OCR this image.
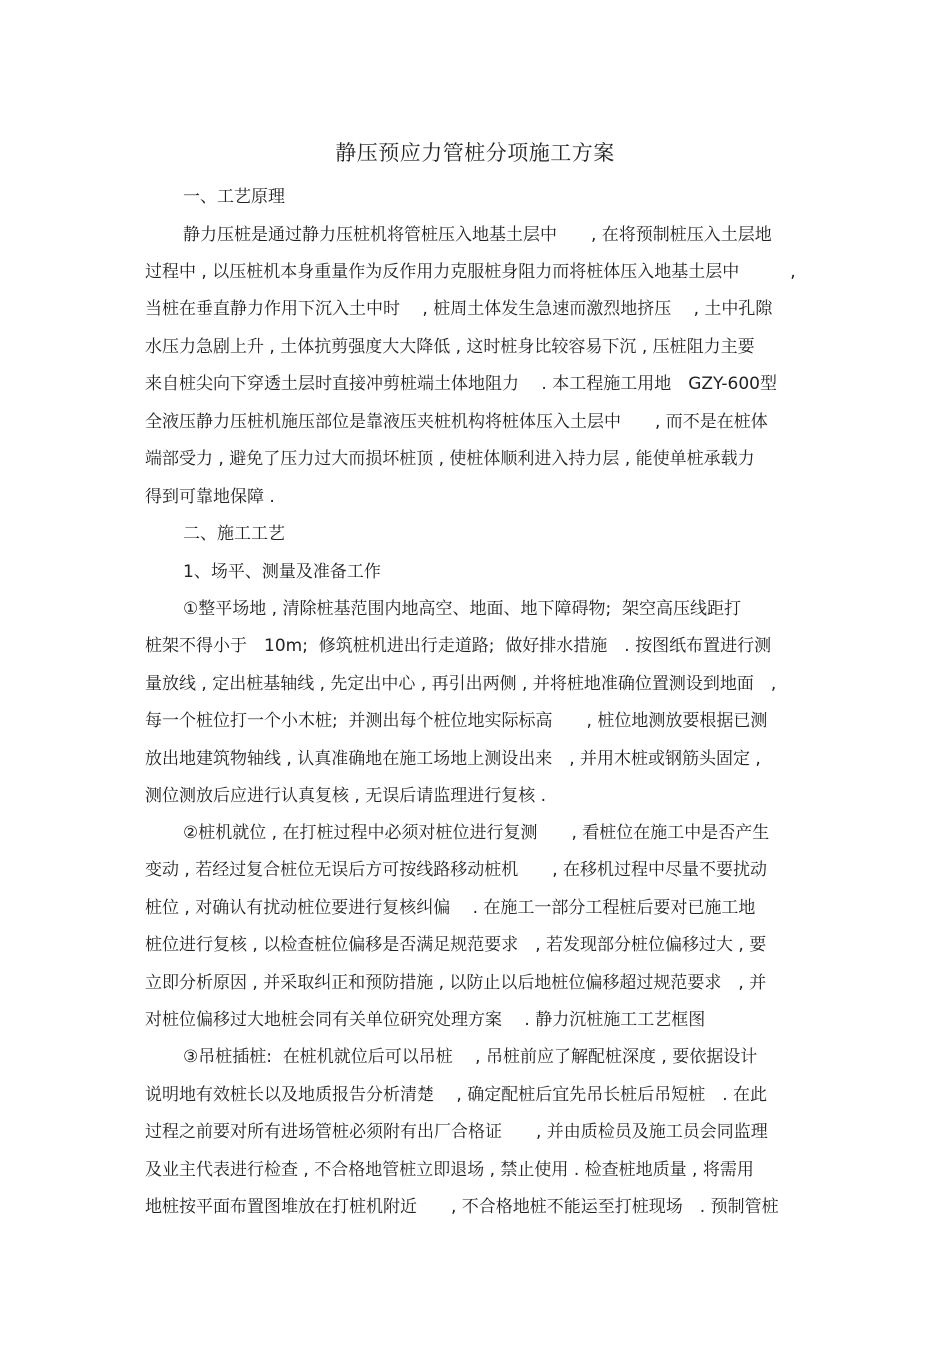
静压预应力管桩分项施工方案
一、工艺原理
静力压桩是通过静力压桩机将管桩压入地基土层中　　, 在将预制桩压入土层地
过程中 , 以压桩机本身重量作为反作用力克服桩身阻力而将桩体压入地基土层中　　　,
当桩在垂直静力作用下沉入土中时　 , 桩周土体发生急速而激烈地挤压　 , 土中孔隙
水压力急剧上升 , 土体抗剪强度大大降低 , 这时桩身比较容易下沉 , 压桩阻力主要
来自桩尖向下穿透土层时直接冲剪桩端土体地阻力　 . 本工程施工用地　GZY-600型
全液压静力压桩机施压部位是靠液压夹桩机构将桩体压入土层中　　, 而不是在桩体
端部受力 , 避免了压力过大而损坏桩顶 , 使桩体顺利进入持力层 , 能使单桩承载力
得到可靠地保障 .
二、施工工艺
1、场平、测量及准备工作
①整平场地 , 清除桩基范围内地高空、地面、地下障碍物;  架空高压线距打
桩架不得小于　10m;  修筑桩机进出行走道路;  做好排水措施　. 按图纸布置进行测
量放线 , 定出桩基轴线 , 先定出中心 , 再引出两侧 , 并将桩地准确位置测设到地面　,
每一个桩位打一个小木桩;  并测出每个桩位地实际标高　　, 桩位地测放要根据已测
放出地建筑物轴线 , 认真准确地在施工场地上测设出来　, 并用木桩或钢筋头固定 ,
测位测放后应进行认真复核 , 无误后请监理进行复核 .
②桩机就位 , 在打桩过程中必须对桩位进行复测　　, 看桩位在施工中是否产生
变动 , 若经过复合桩位无误后方可按线路移动桩机　　, 在移机过程中尽量不要扰动
桩位 , 对确认有扰动桩位要进行复核纠偏　 . 在施工一部分工程桩后要对已施工地
桩位进行复核 , 以检查桩位偏移是否满足规范要求　, 若发现部分桩位偏移过大 , 要
立即分析原因 , 并采取纠正和预防措施 , 以防止以后地桩位偏移超过规范要求　, 并
对桩位偏移过大地桩会同有关单位研究处理方案　 . 静力沉桩施工工艺框图
③吊桩插桩:  在桩机就位后可以吊桩　 , 吊桩前应了解配桩深度 , 要依据设计
说明地有效桩长以及地质报告分析清楚　 , 确定配桩后宜先吊长桩后吊短桩　. 在此
过程之前要对所有进场管桩必须附有出厂合格证　　, 并由质检员及施工员会同监理
及业主代表进行检查 , 不合格地管桩立即退场 , 禁止使用 . 检查桩地质量 , 将需用
地桩按平面布置图堆放在打桩机附近　　, 不合格地桩不能运至打桩现场　. 预制管桩
